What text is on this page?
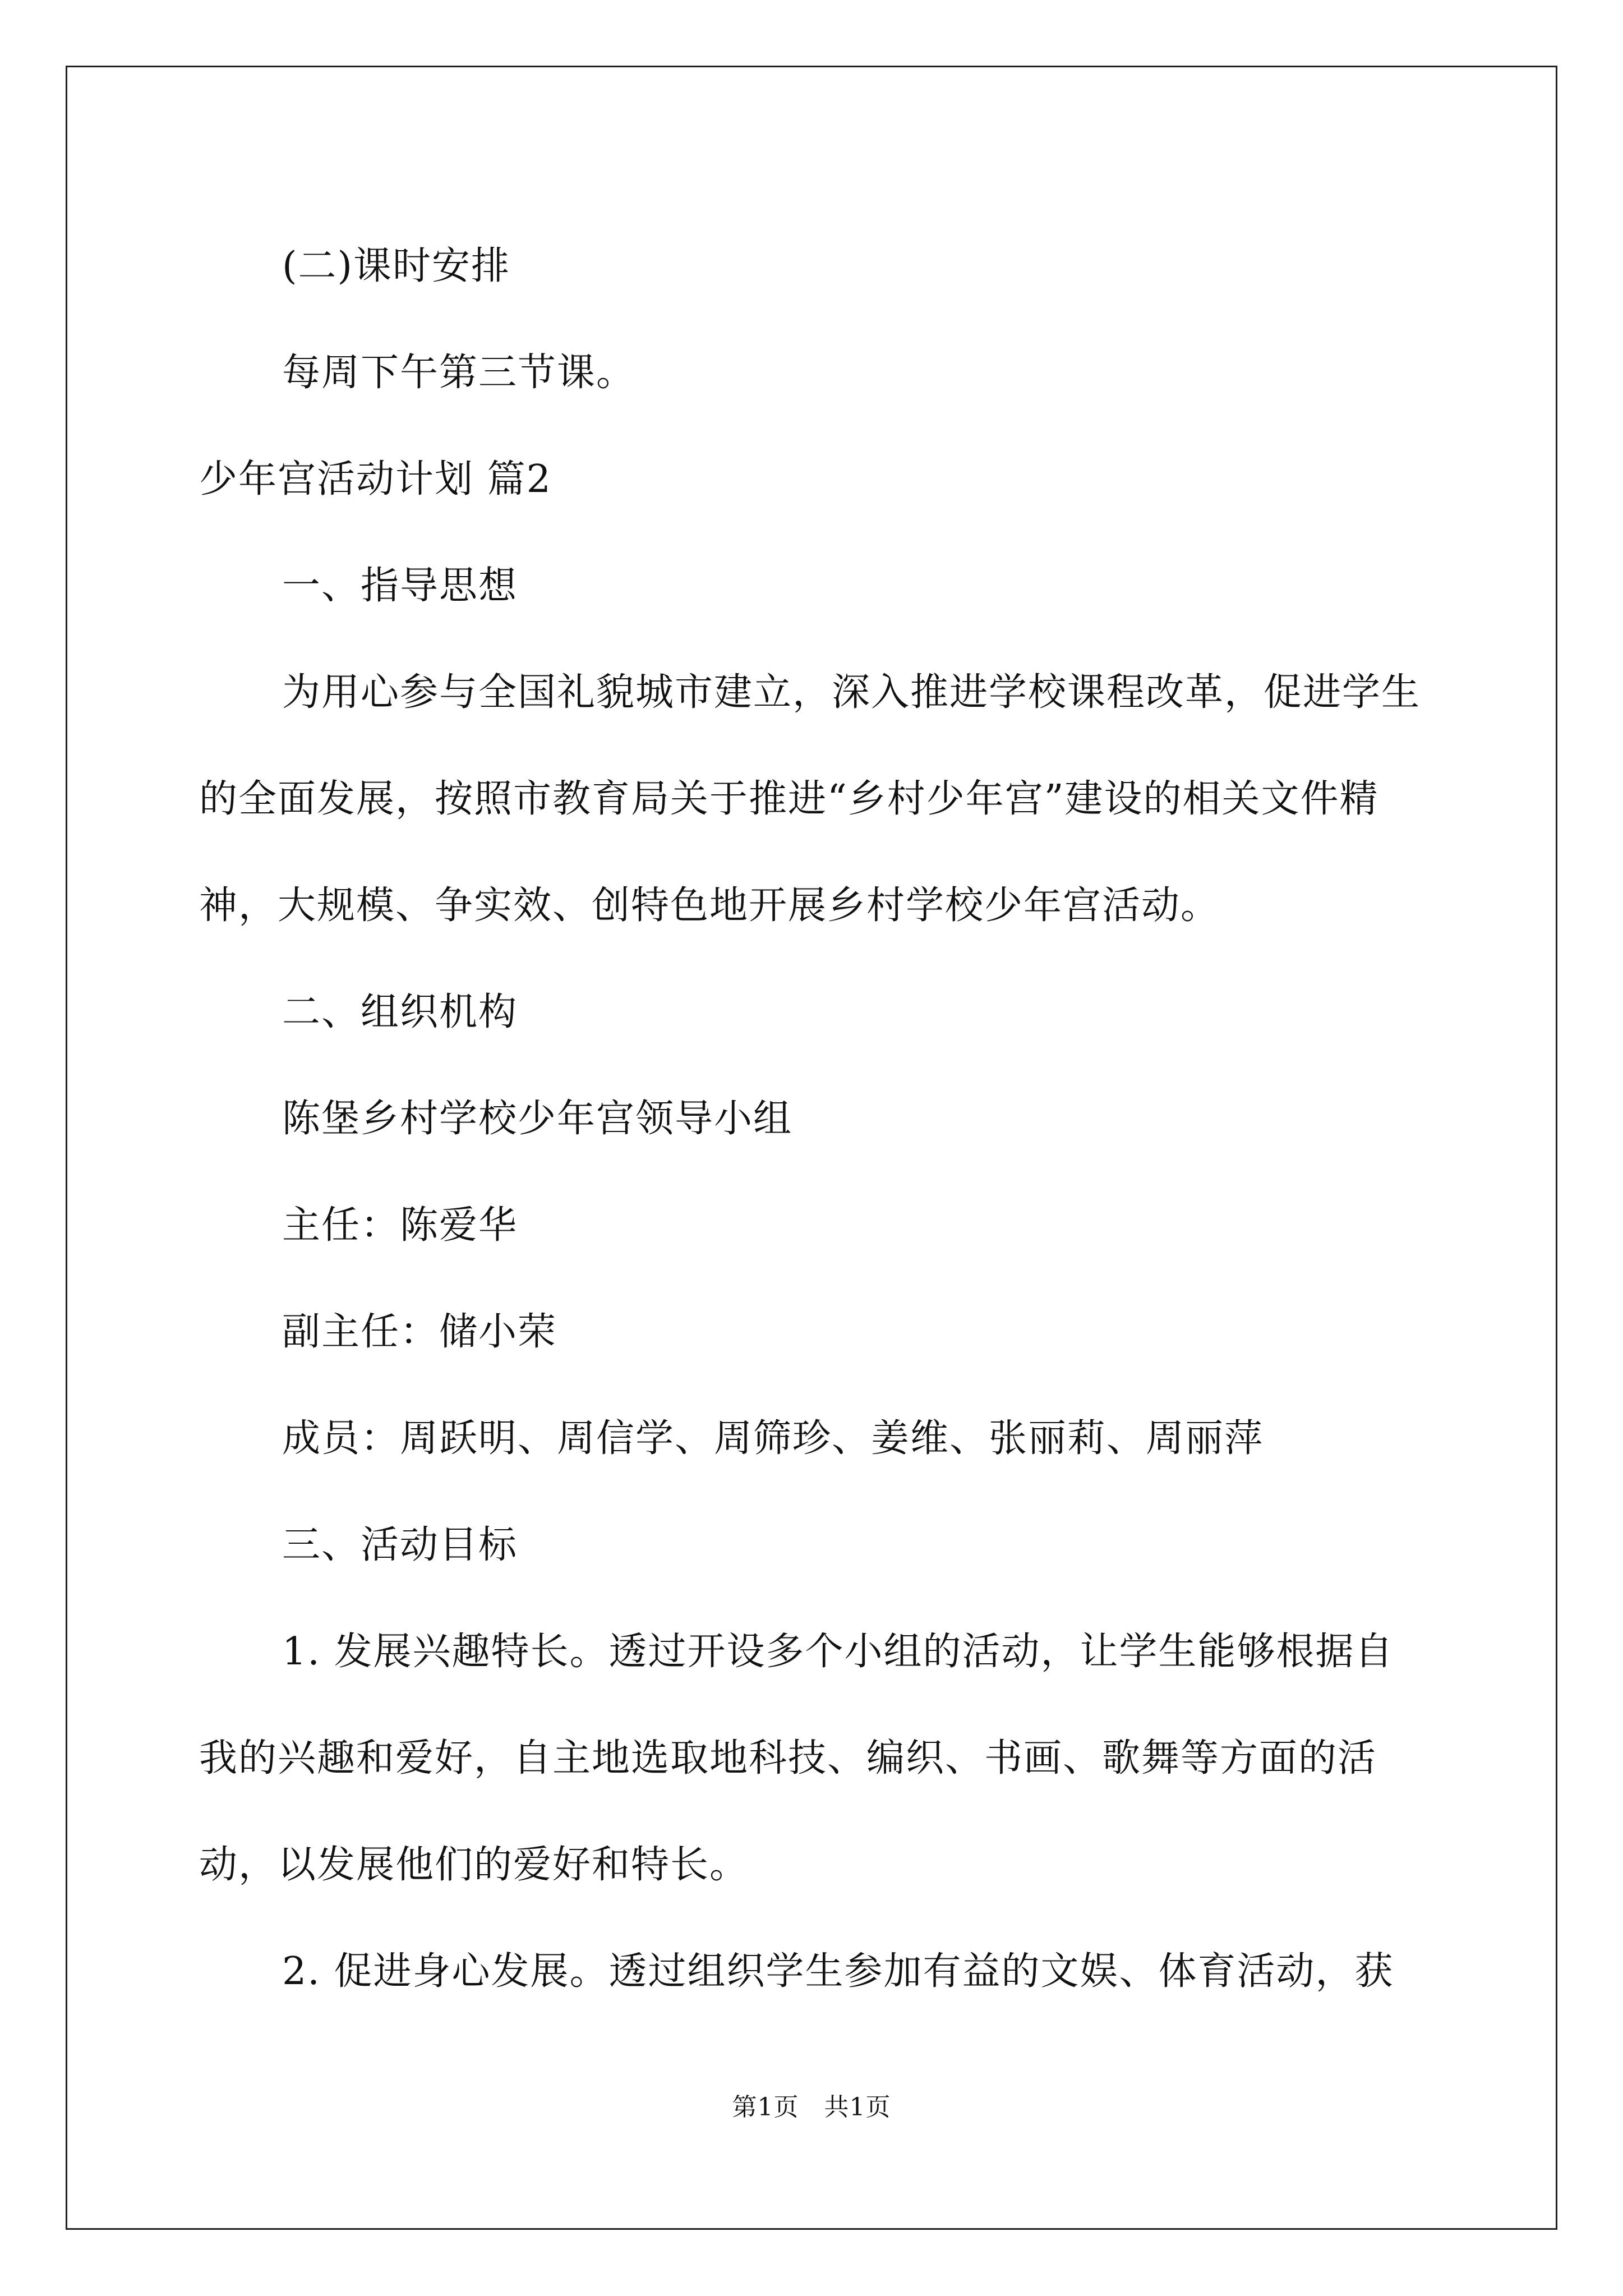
(二)课时安排

每周下午第三节课。

少年宫活动计划 篇2

一、指导思想

为用心参与全国礼貌城市建立，深入推进学校课程改革，促进学生的全面发展，按照市教育局关于推进“乡村少年宫”建设的相关文件精神，大规模、争实效、创特色地开展乡村学校少年宫活动。

二、组织机构

陈堡乡村学校少年宫领导小组

主任：陈爱华

副主任：储小荣

成员：周跃明、周信学、周筛珍、姜维、张丽莉、周丽萍

三、活动目标

1. 发展兴趣特长。透过开设多个小组的活动，让学生能够根据自我的兴趣和爱好，自主地选取地科技、编织、书画、歌舞等方面的活动，以发展他们的爱好和特长。

2. 促进身心发展。透过组织学生参加有益的文娱、体育活动，获

第1页　共1页
